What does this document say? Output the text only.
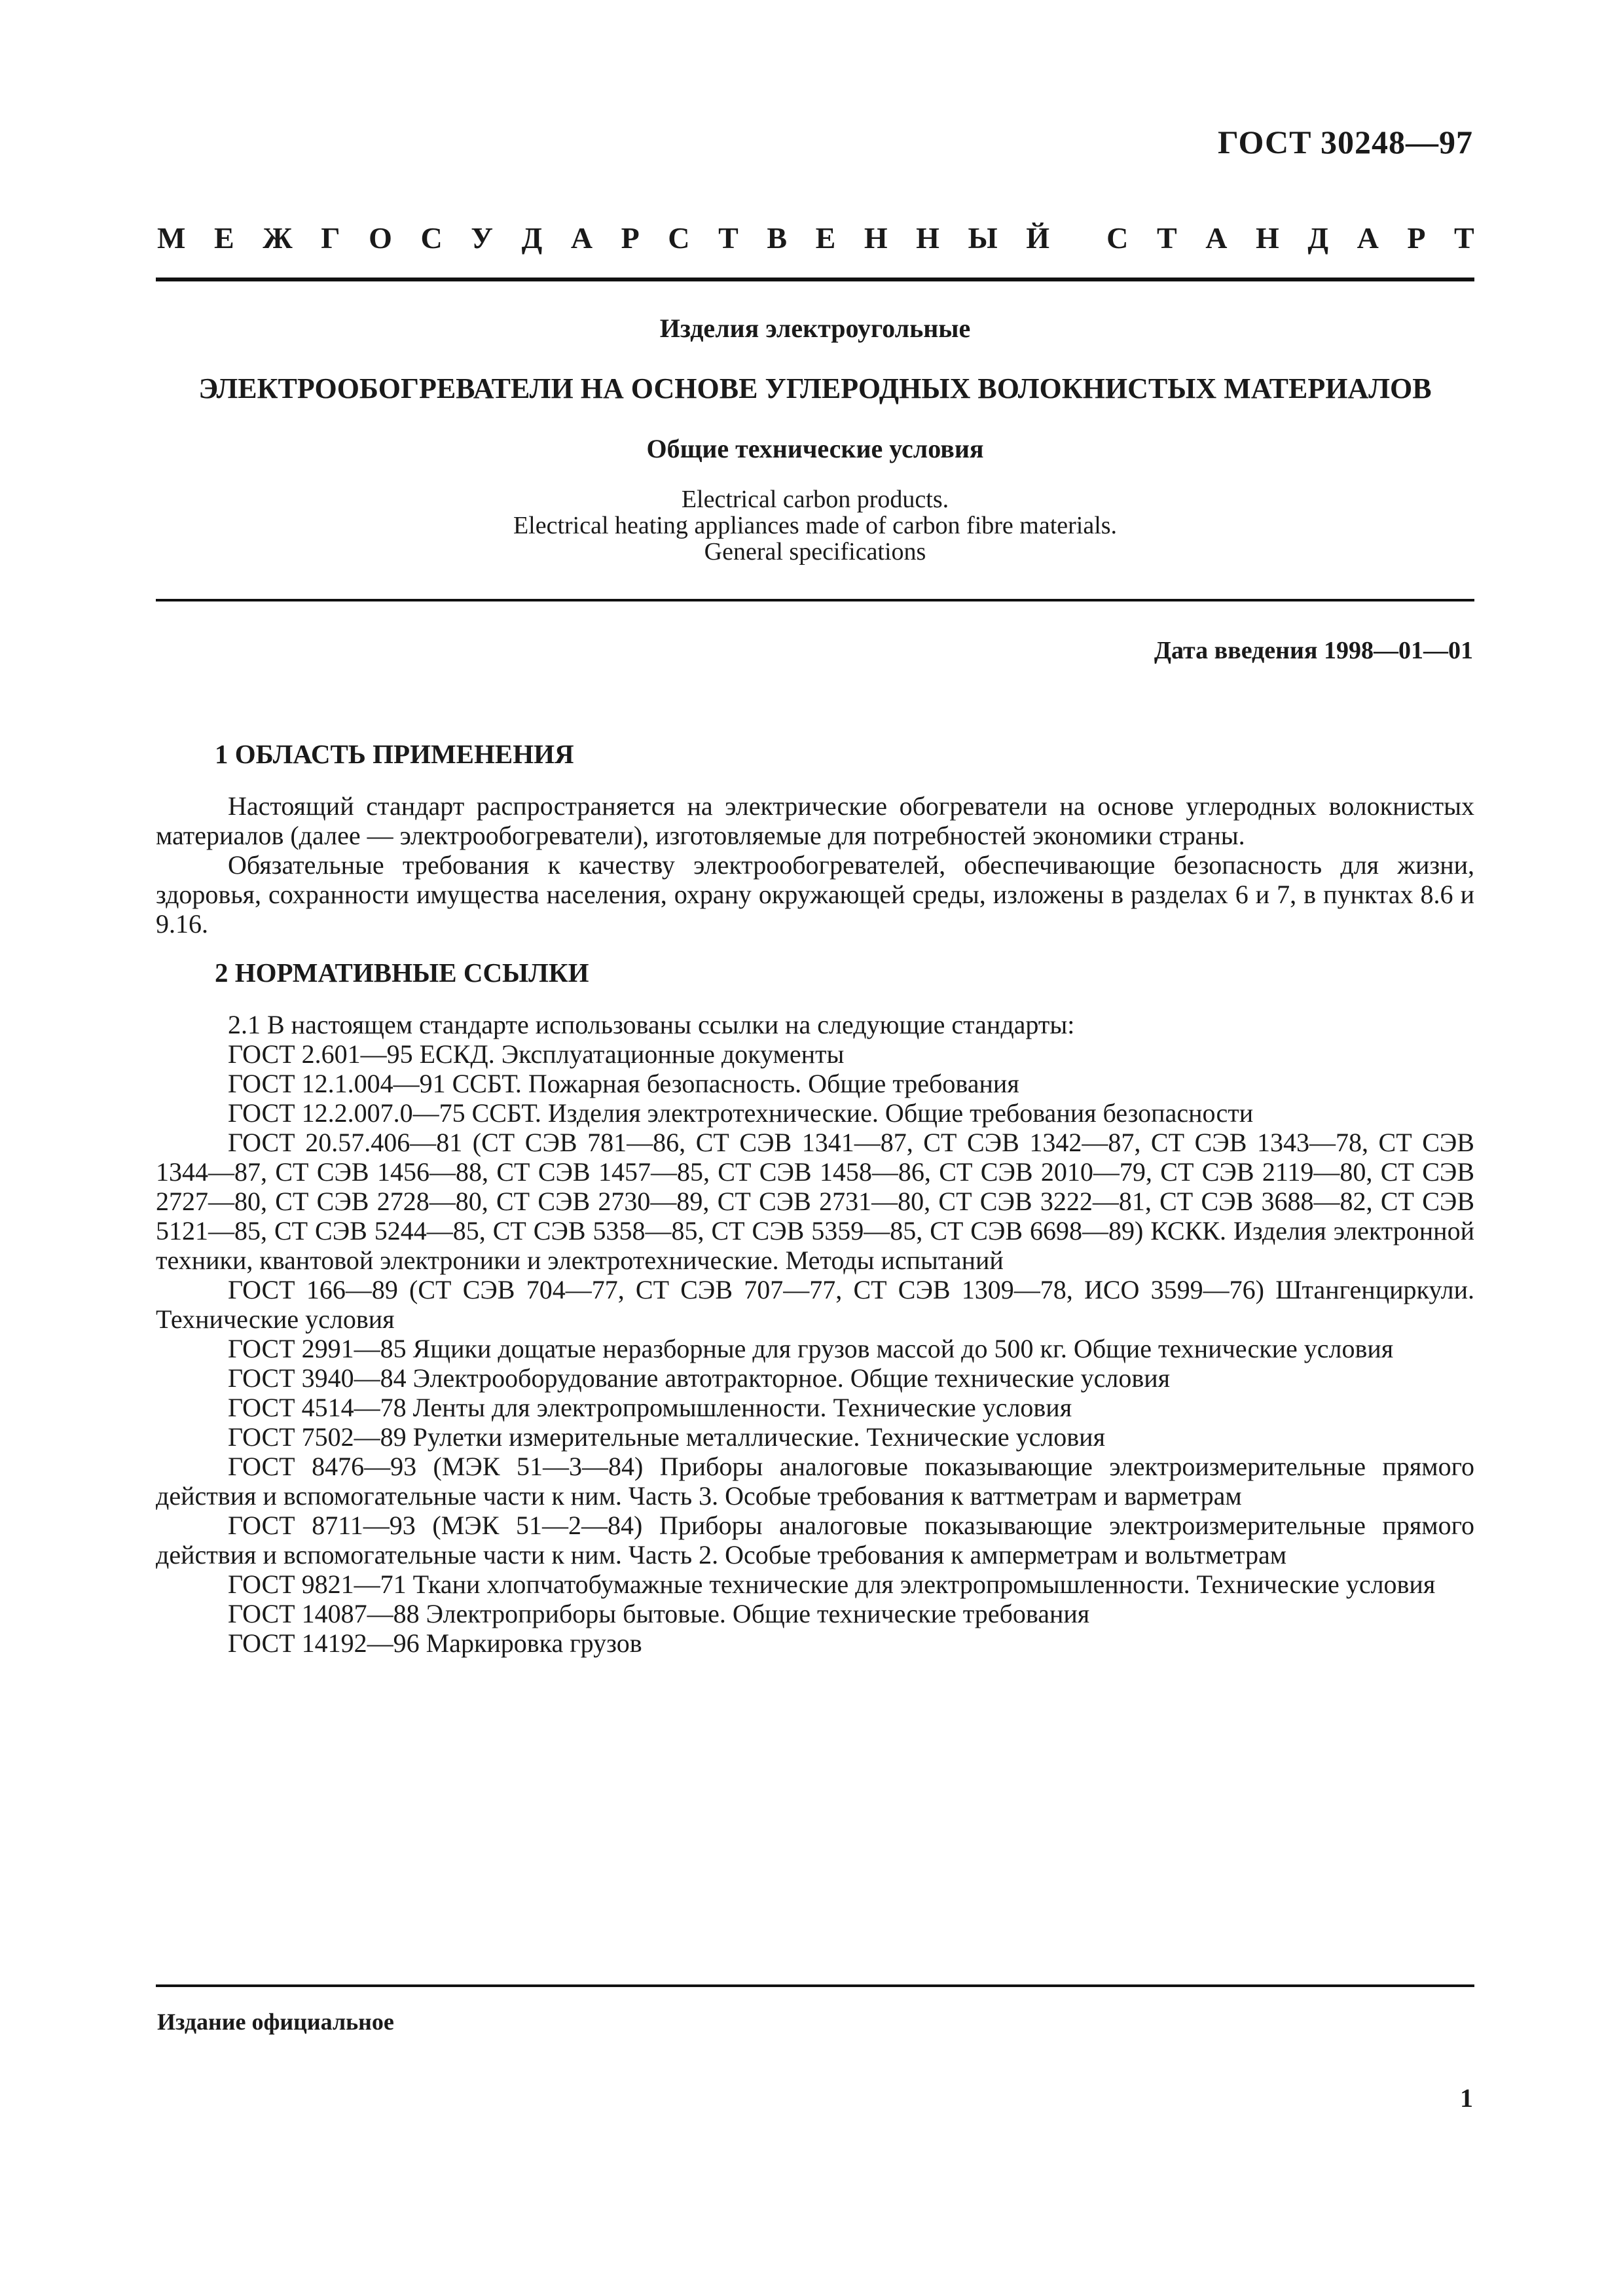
ГОСТ 30248—97
М Е Ж Г О С У Д А Р С Т В Е Н Н Ы Й С Т А Н Д А Р Т
Изделия электроугольные
ЭЛЕКТРООБОГРЕВАТЕЛИ НА ОСНОВЕ УГЛЕРОДНЫХ ВОЛОКНИСТЫХ МАТЕРИАЛОВ
Общие технические условия
Electrical carbon products.
Electrical heating appliances made of carbon fibre materials.
General specifications
Дата введения 1998—01—01
1 ОБЛАСТЬ ПРИМЕНЕНИЯ

Настоящий стандарт распространяется на электрические обогреватели на основе углеродных волокнистых материалов (далее — электрообогреватели), изготовляемые для потребностей экономики страны.

Обязательные требования к качеству электрообогревателей, обеспечивающие безопасность для жизни, здоровья, сохранности имущества населения, охрану окружающей среды, изложены в разделах 6 и 7, в пунктах 8.6 и 9.16.

2 НОРМАТИВНЫЕ ССЫЛКИ

2.1 В настоящем стандарте использованы ссылки на следующие стандарты:

ГОСТ 2.601—95 ЕСКД. Эксплуатационные документы

ГОСТ 12.1.004—91 ССБТ. Пожарная безопасность. Общие требования

ГОСТ 12.2.007.0—75 ССБТ. Изделия электротехнические. Общие требования безопасности

ГОСТ 20.57.406—81 (СТ СЭВ 781—86, СТ СЭВ 1341—87, СТ СЭВ 1342—87, СТ СЭВ 1343—78, СТ СЭВ 1344—87, СТ СЭВ 1456—88, СТ СЭВ 1457—85, СТ СЭВ 1458—86, СТ СЭВ 2010—79, СТ СЭВ 2119—80, СТ СЭВ 2727—80, СТ СЭВ 2728—80, СТ СЭВ 2730—89, СТ СЭВ 2731—80, СТ СЭВ 3222—81, СТ СЭВ 3688—82, СТ СЭВ 5121—85, СТ СЭВ 5244—85, СТ СЭВ 5358—85, СТ СЭВ 5359—85, СТ СЭВ 6698—89) КСКК. Изделия электронной техники, квантовой электроники и электротехнические. Методы испытаний

ГОСТ 166—89 (СТ СЭВ 704—77, СТ СЭВ 707—77, СТ СЭВ 1309—78, ИСО 3599—76) Штангенциркули. Технические условия

ГОСТ 2991—85 Ящики дощатые неразборные для грузов массой до 500 кг. Общие технические условия

ГОСТ 3940—84 Электрооборудование автотракторное. Общие технические условия

ГОСТ 4514—78 Ленты для электропромышленности. Технические условия

ГОСТ 7502—89 Рулетки измерительные металлические. Технические условия

ГОСТ 8476—93 (МЭК 51—3—84) Приборы аналоговые показывающие электроизмерительные прямого действия и вспомогательные части к ним. Часть 3. Особые требования к ваттметрам и варметрам

ГОСТ 8711—93 (МЭК 51—2—84) Приборы аналоговые показывающие электроизмерительные прямого действия и вспомогательные части к ним. Часть 2. Особые требования к амперметрам и вольтметрам

ГОСТ 9821—71 Ткани хлопчатобумажные технические для электропромышленности. Технические условия

ГОСТ 14087—88 Электроприборы бытовые. Общие технические требования

ГОСТ 14192—96 Маркировка грузов

Издание официальное
1
